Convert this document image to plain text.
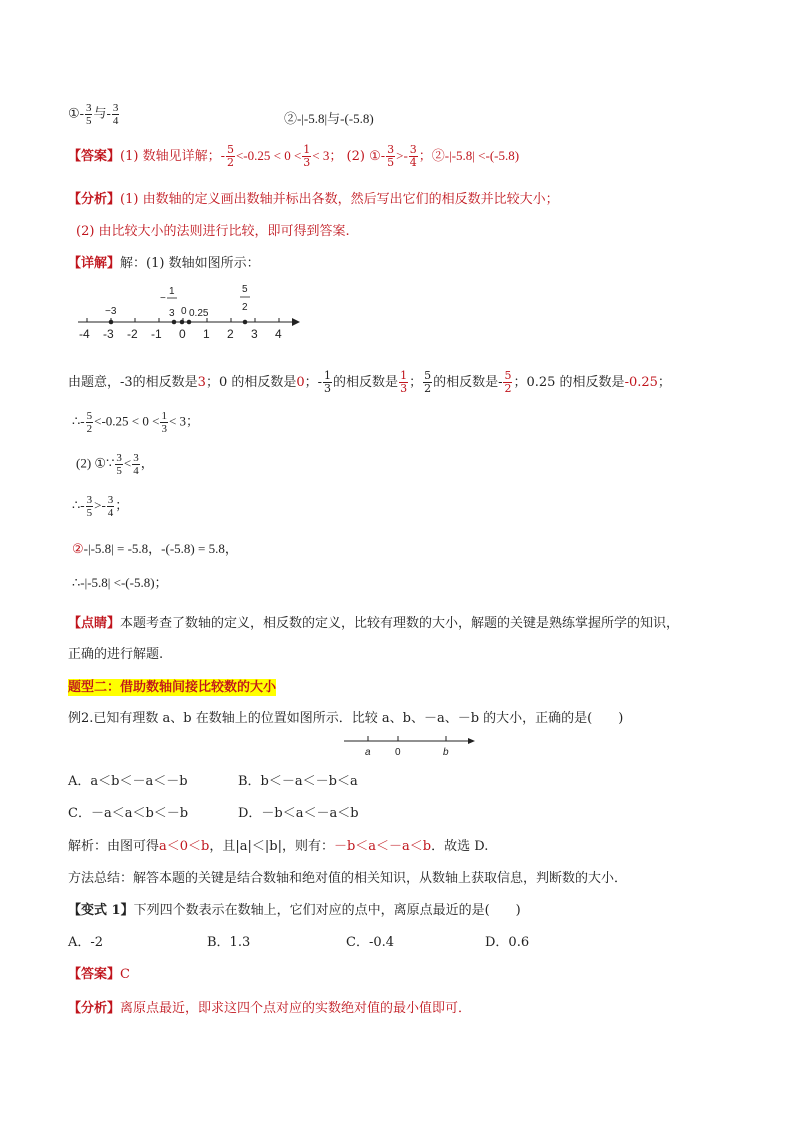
①- $\frac{3}{5}$ 与- $\frac{3}{4}$	②-|-5.8|与-(-5.8)
【答案】(1) 数轴见详解；- $\frac{5}{2} <-0.25 < 0 < \frac{1}{3} < 3$； (2) ①- $\frac{3}{5} >- \frac{3}{4}$ ；②-|-5.8| <-(-5.8)
【分析】(1) 由数轴的定义画出数轴并标出各数，然后写出它们的相反数并比较大小；
(2) 由比较大小的法则进行比较，即可得到答案.
【详解】解：(1) 数轴如图所示：
-4 -3 -2 -1 0 1 2 3 4
−3
−
1
3 0 0.25
5
2
由题意，-3的相反数是3；0 的相反数是0；- $\frac{1}{3}$ 的相反数是 $\frac{1}{3}$ ； $\frac{5}{2}$ 的相反数是- $\frac{5}{2}$ ；0.25 的相反数是-0.25；
∴- $\frac{5}{2} <-0.25 < 0 < \frac{1}{3} < 3$；
(2) ①∵ $\frac{3}{5} < \frac{3}{4}$ ，
∴- $\frac{3}{5} >- \frac{3}{4}$ ；
②-|-5.8| = -5.8，-(-5.8) = 5.8，
∴-|-5.8| <-(-5.8)；
【点睛】本题考查了数轴的定义，相反数的定义，比较有理数的大小，解题的关键是熟练掌握所学的知识，
正确的进行解题.
题型二：借助数轴间接比较数的大小
例2.已知有理数 a、b 在数轴上的位置如图所示．比较 a、b、－a、－b 的大小，正确的是(　　)
a 0	b
A．a＜b＜－a＜－b	B．b＜－a＜－b＜a
C．－a＜a＜b＜－b	D．－b＜a＜－a＜b
解析：由图可得a＜0＜b，且|a|＜|b|，则有：－b＜a＜－a＜b．故选 D.
方法总结：解答本题的关键是结合数轴和绝对值的相关知识，从数轴上获取信息，判断数的大小．
【变式 1】下列四个数表示在数轴上，它们对应的点中，离原点最近的是(　　)
A．-2	B．1.3	C．-0.4	D．0.6
【答案】C
【分析】离原点最近，即求这四个点对应的实数绝对值的最小值即可．
